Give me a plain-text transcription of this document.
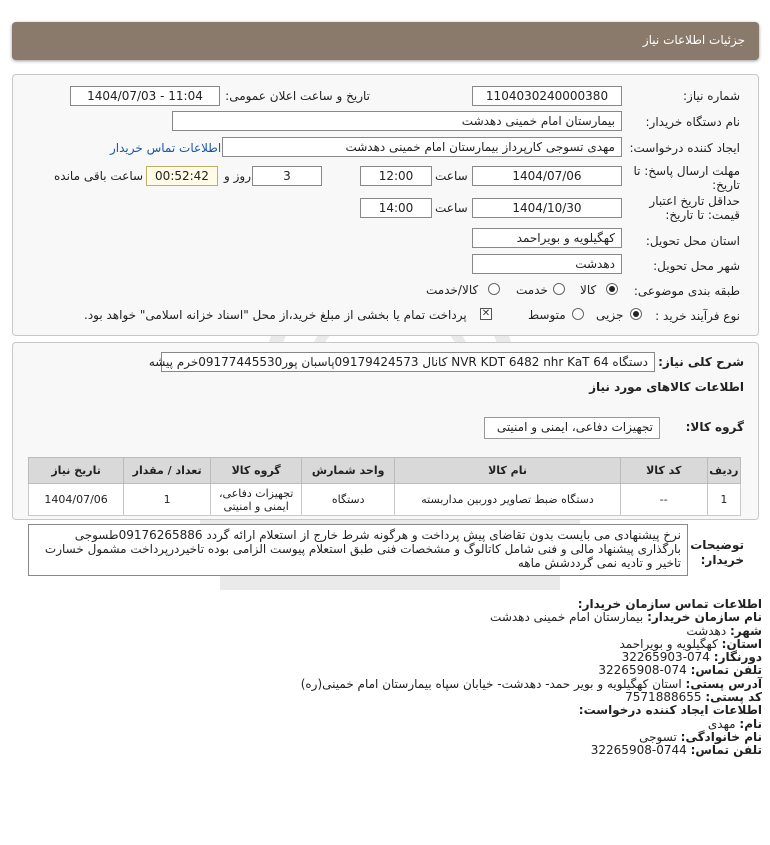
جزئیات اطلاعات نیاز
شماره نیاز:
1104030240000380
تاریخ و ساعت اعلان عمومی:
1404/07/03 - 11:04
نام دستگاه خریدار:
بیمارستان امام خمینی دهدشت
ایجاد کننده درخواست:
مهدی تسوجی کارپرداز بیمارستان امام خمینی دهدشت
اطلاعات تماس خریدار
مهلت ارسال پاسخ: تا
تاریخ:
1404/07/06
ساعت
12:00
3
روز و
00:52:42
ساعت باقی مانده
حداقل تاریخ اعتبار
قیمت: تا تاریخ:
1404/10/30
ساعت
14:00
استان محل تحویل:
کهگیلویه و بویراحمد
شهر محل تحویل:
دهدشت
طبقه بندی موضوعی:
کالا
خدمت
کالا/خدمت
نوع فرآیند خرید :
جزیی
متوسط
✕
پرداخت تمام یا بخشی از مبلغ خرید،از محل "اسناد خزانه اسلامی" خواهد بود.
شرح کلی نیاز:
دستگاه NVR KDT 6482 nhr KaT 64 کانال 09179424573پاسبان پور09177445530خرم پیشه
اطلاعات کالاهای مورد نیاز
گروه کالا:
تجهیزات دفاعی، ایمنی و امنیتی
ردیف	کد کالا	نام کالا	واحد شمارش	گروه کالا	تعداد / مقدار	تاریخ نیاز
1	--	دستگاه ضبط تصاویر دوربین مداربسته	دستگاه	تجهیزات دفاعی، ایمنی و امنیتی	1	1404/07/06
توضیحات
خریدار:
نرخ پیشنهادی می بایست بدون تقاضای پیش پرداخت و هرگونه شرط خارج از استعلام ارائه گردد 09176265886طسوجی بارگذاری پیشنهاد مالی و فنی شامل کاتالوگ و مشخصات فنی طبق استعلام پیوست الزامی بوده تاخیردرپرداخت مشمول خسارت تاخیر و تادیه نمی گرددشش ماهه
اطلاعات تماس سازمان خریدار:
نام سازمان خریدار: بیمارستان امام خمینی دهدشت
شهر: دهدشت
استان: کهگیلویه و بویراحمد
دورنگار: 074-32265903
تلفن تماس: 074-32265908
آدرس پستی: استان کهگیلویه و بویر حمد- دهدشت- خیابان سپاه بیمارستان امام خمینی(ره)
کد پستی: 7571888655
اطلاعات ایجاد کننده درخواست:
نام: مهدی
نام خانوادگی: تسوجی
تلفن تماس: 0744-32265908
